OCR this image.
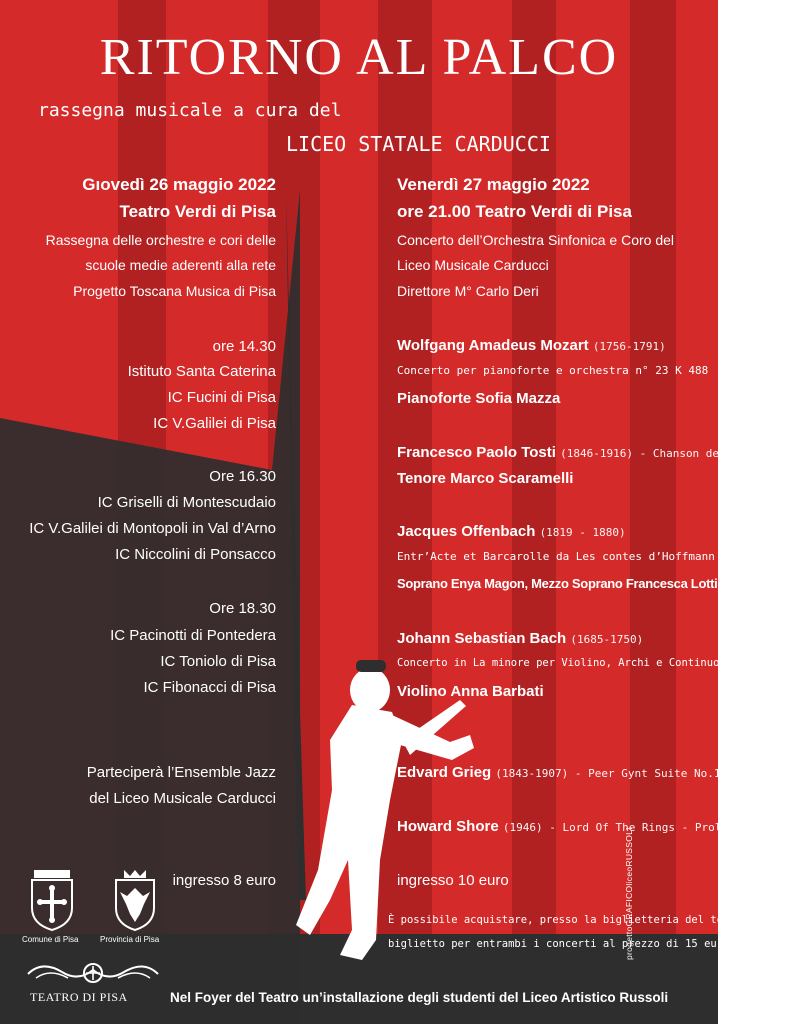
RITORNO AL PALCO
rassegna musicale a cura del
LICEO STATALE CARDUCCI
Gıovedì 26 maggio 2022
Teatro Verdi di Pisa
Rassegna delle orchestre e cori delle
scuole medie aderenti alla rete
Progetto Toscana Musica di Pisa
ore 14.30
Istituto Santa Caterina
IC Fucini di Pisa
IC V.Galilei di Pisa
Ore 16.30
IC Griselli di Montescudaio
IC V.Galilei di Montopoli in Val d’Arno
IC Niccolini di Ponsacco
Ore 18.30
IC Pacinotti di Pontedera
IC Toniolo di Pisa
IC Fibonacci di Pisa
Parteciperà l’Ensemble Jazz
del Liceo Musicale Carducci
ingresso 8 euro
Venerdì 27 maggio 2022
ore 21.00 Teatro Verdi di Pisa
Concerto dell’Orchestra Sinfonica e Coro del
Liceo Musicale Carducci
Direttore M° Carlo Deri
Wolfgang Amadeus Mozart (1756-1791)
Concerto per pianoforte e orchestra n° 23 K 488
Pianoforte Sofia Mazza
Francesco Paolo Tosti (1846-1916) - Chanson de l’Adieu
Tenore Marco Scaramelli
Jacques Offenbach (1819 - 1880)
Entr’Acte et Barcarolle da Les contes d’Hoffmann (atto III)
Soprano Enya Magon, Mezzo Soprano Francesca Lotti
Johann Sebastian Bach (1685-1750)
Concerto in La minore per Violino, Archi e Continuo BWV 1041
Violino Anna Barbati
Edvard Grieg (1843-1907) - Peer Gynt Suite No.1, Op.46
Howard Shore (1946) - Lord Of The Rings - Prologo
ingresso 10 euro
È possibile acquistare, presso la biglietteria del teatro, il
biglietto per entrambi i concerti al prezzo di 15 euro
progettoGRAFICOliceoRUSSOLI
Comune di Pisa	Provincia di Pisa
TEATRO DI PISA	Nel Foyer del Teatro un’installazione degli studenti del Liceo Artistico Russoli
